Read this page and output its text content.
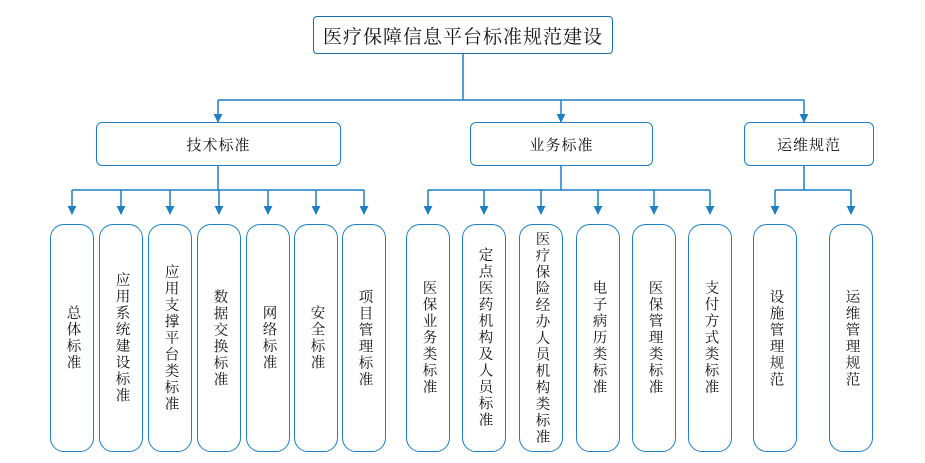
医疗保障信息平台标准规范建设
技术标准	业务标准	运维规范
总体标准 应用系统建设标准 应用支撑平台类标准 数据交换标准 网络标准 安全标准 项目管理标准	医保业务类标准	定点医药机构及人员标准	医疗保险经办人员机构类标准	电子病历类标准	医保管理类标准	支付方式类标准	设施管理规范	运维管理规范
